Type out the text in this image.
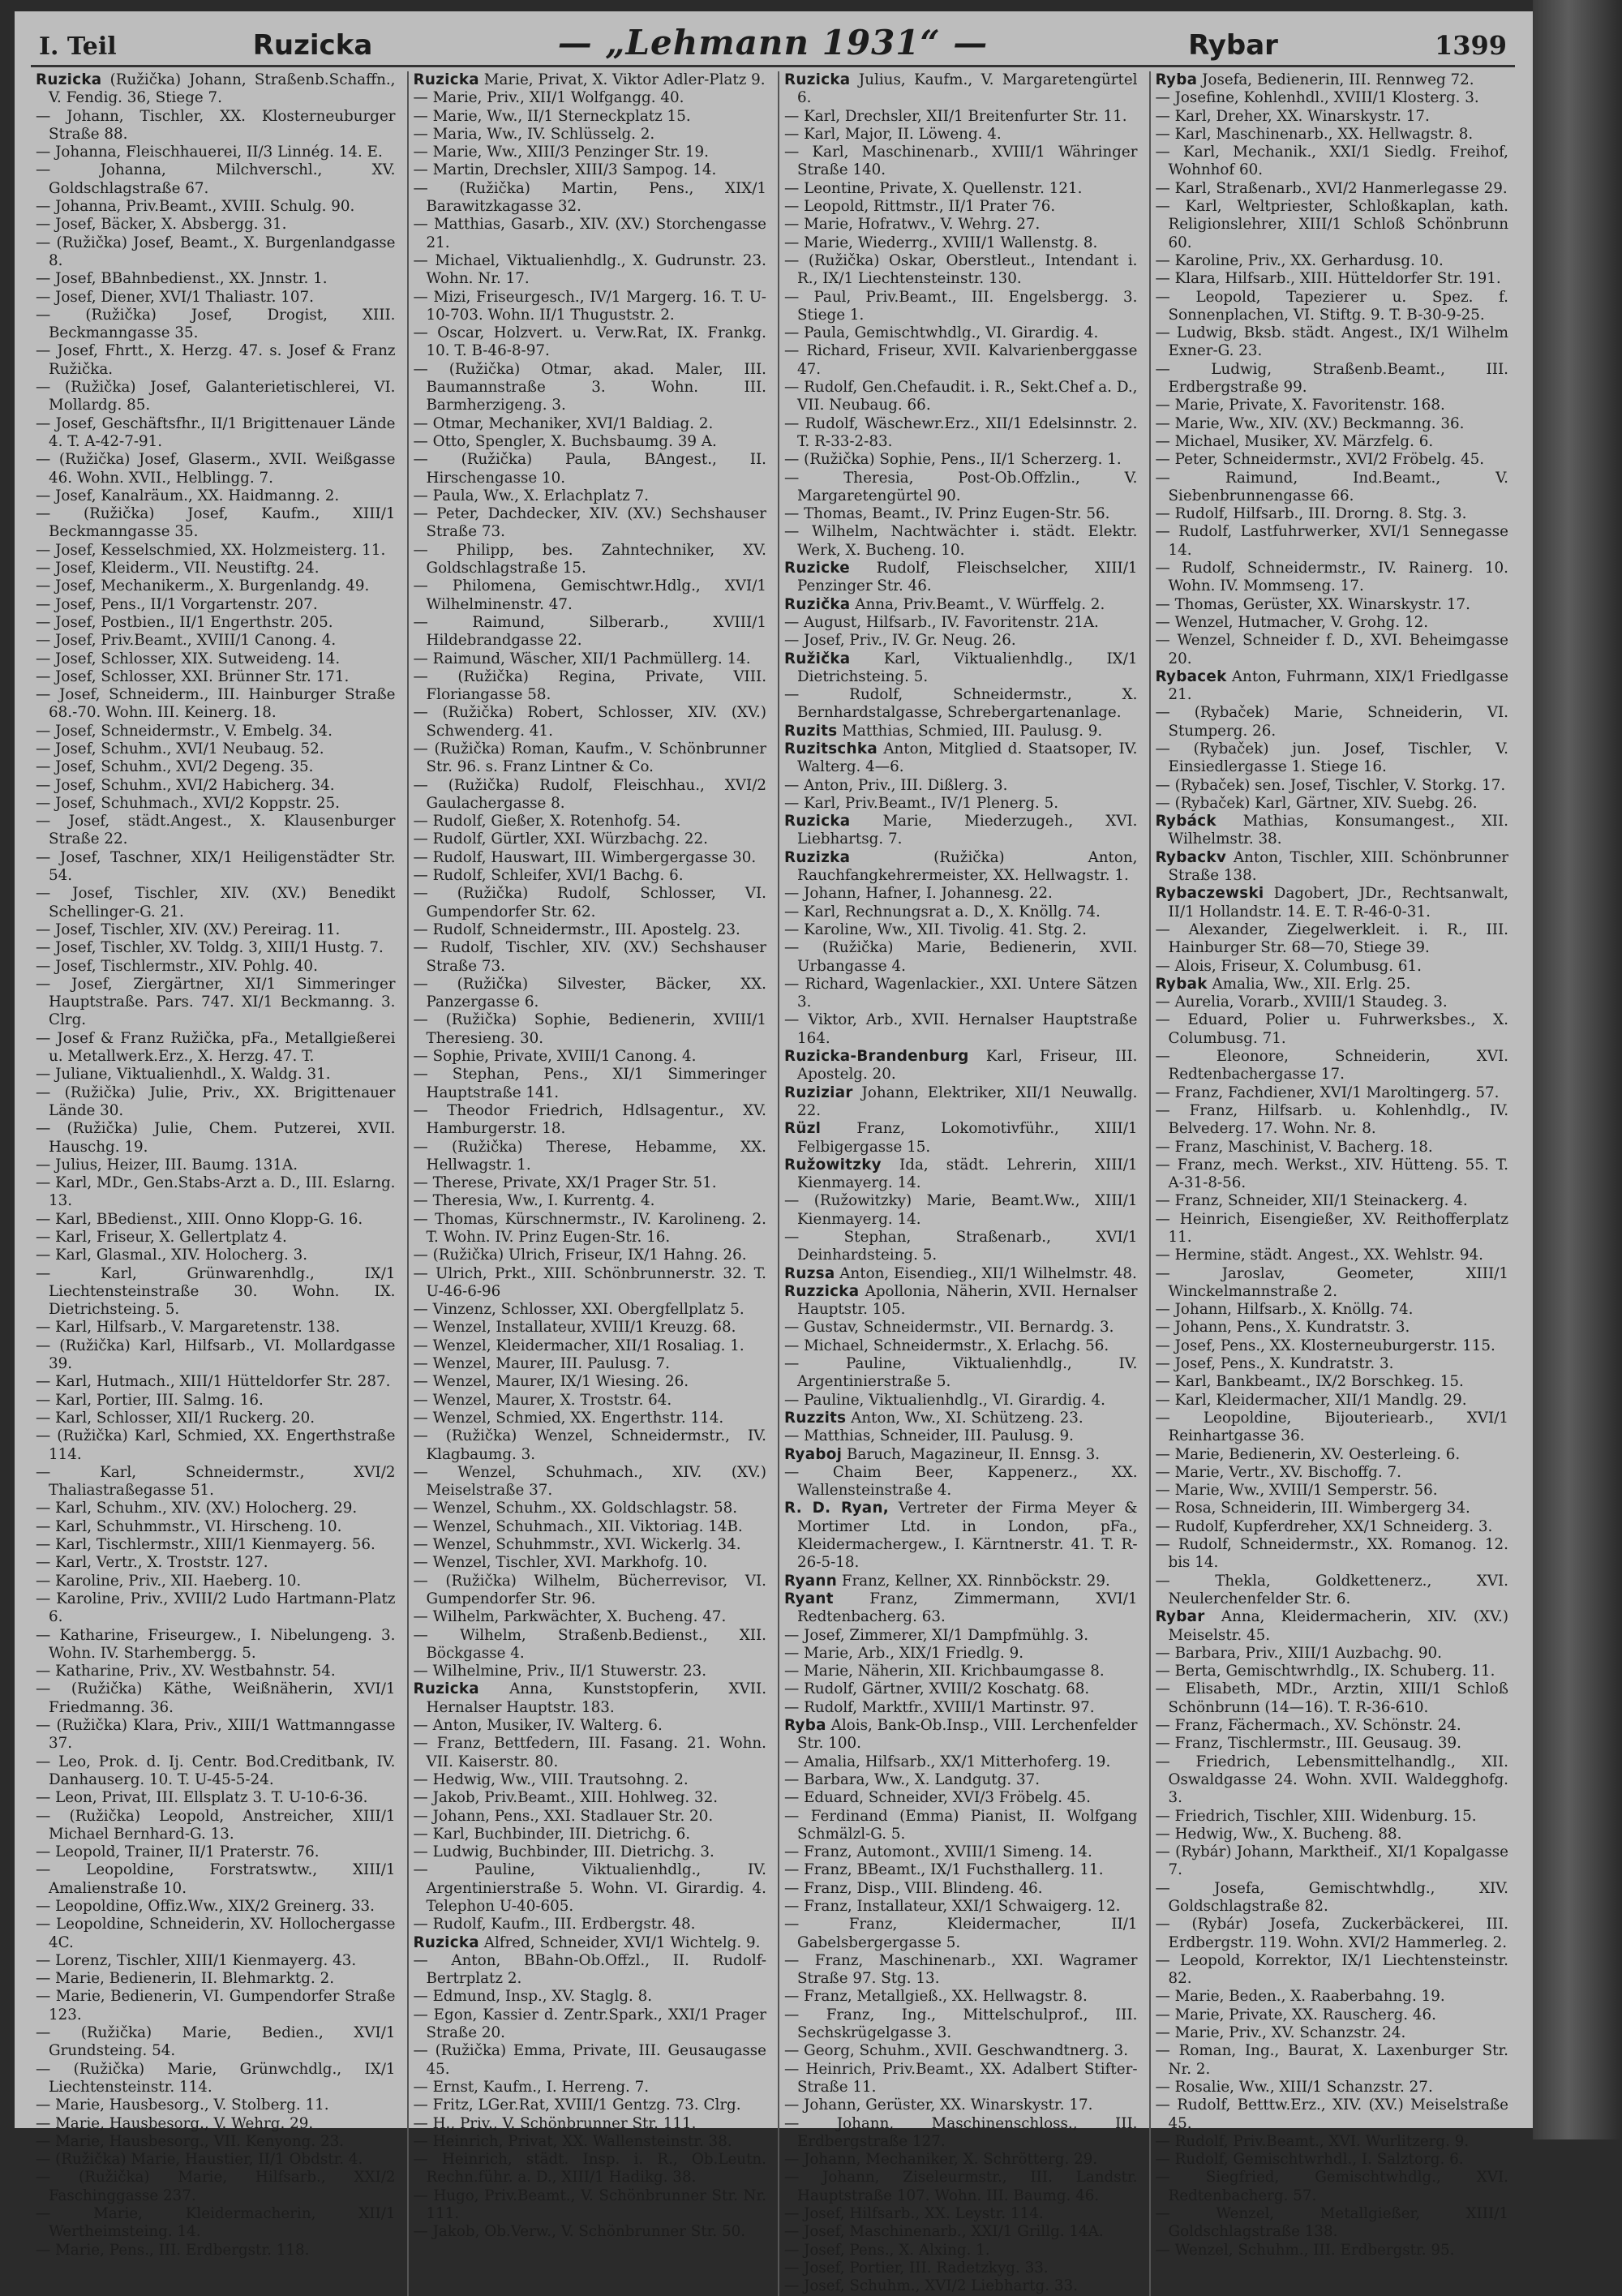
I. Teil	Ruzicka	— „Lehmann 1931“ —	Rybar	1399

Ruzicka (Ružička) Johann, Straßenb.Schaffn., V. Fendig. 36, Stiege 7.

— Johann, Tischler, XX. Klosterneuburger Straße 88.

— Johanna, Fleischhauerei, II/3 Linnég. 14. E.

— Johanna, Milchverschl., XV. Goldschlagstraße 67.

— Johanna, Priv.Beamt., XVIII. Schulg. 90.

— Josef, Bäcker, X. Absbergg. 31.

— (Ružička) Josef, Beamt., X. Burgenlandgasse 8.

— Josef, BBahnbedienst., XX. Jnnstr. 1.

— Josef, Diener, XVI/1 Thaliastr. 107.

— (Ružička) Josef, Drogist, XIII. Beckmanngasse 35.

— Josef, Fhrtt., X. Herzg. 47. s. Josef & Franz Ružička.

— (Ružička) Josef, Galanterietischlerei, VI. Mollardg. 85.

— Josef, Geschäftsfhr., II/1 Brigittenauer Lände 4. T. A-42-7-91.

— (Ružička) Josef, Glaserm., XVII. Weißgasse 46. Wohn. XVII., Helblingg. 7.

— Josef, Kanalräum., XX. Haidmanng. 2.

— (Ružička) Josef, Kaufm., XIII/1 Beckmanngasse 35.

— Josef, Kesselschmied, XX. Holzmeisterg. 11.

— Josef, Kleiderm., VII. Neustiftg. 24.

— Josef, Mechanikerm., X. Burgenlandg. 49.

— Josef, Pens., II/1 Vorgartenstr. 207.

— Josef, Postbien., II/1 Engerthstr. 205.

— Josef, Priv.Beamt., XVIII/1 Canong. 4.

— Josef, Schlosser, XIX. Sutweideng. 14.

— Josef, Schlosser, XXI. Brünner Str. 171.

— Josef, Schneiderm., III. Hainburger Straße 68.-70. Wohn. III. Keinerg. 18.

— Josef, Schneidermstr., V. Embelg. 34.

— Josef, Schuhm., XVI/1 Neubaug. 52.

— Josef, Schuhm., XVI/2 Degeng. 35.

— Josef, Schuhm., XVI/2 Habicherg. 34.

— Josef, Schuhmach., XVI/2 Koppstr. 25.

— Josef, städt.Angest., X. Klausenburger Straße 22.

— Josef, Taschner, XIX/1 Heiligenstädter Str. 54.

— Josef, Tischler, XIV. (XV.) Benedikt Schellinger-G. 21.

— Josef, Tischler, XIV. (XV.) Pereirag. 11.

— Josef, Tischler, XV. Toldg. 3, XIII/1 Hustg. 7.

— Josef, Tischlermstr., XIV. Pohlg. 40.

— Josef, Ziergärtner, XI/1 Simmeringer Hauptstraße. Pars. 747. XI/1 Beckmanng. 3. Clrg.

— Josef & Franz Ružička, pFa., Metallgießerei u. Metallwerk.Erz., X. Herzg. 47. T.

— Juliane, Viktualienhdl., X. Waldg. 31.

— (Ružička) Julie, Priv., XX. Brigittenauer Lände 30.

— (Ružička) Julie, Chem. Putzerei, XVII. Hauschg. 19.

— Julius, Heizer, III. Baumg. 131A.

— Karl, MDr., Gen.Stabs-Arzt a. D., III. Eslarng. 13.

— Karl, BBedienst., XIII. Onno Klopp-G. 16.

— Karl, Friseur, X. Gellertplatz 4.

— Karl, Glasmal., XIV. Holocherg. 3.

— Karl, Grünwarenhdlg., IX/1 Liechtensteinstraße 30. Wohn. IX. Dietrichsteing. 5.

— Karl, Hilfsarb., V. Margaretenstr. 138.

— (Ružička) Karl, Hilfsarb., VI. Mollardgasse 39.

— Karl, Hutmach., XIII/1 Hütteldorfer Str. 287.

— Karl, Portier, III. Salmg. 16.

— Karl, Schlosser, XII/1 Ruckerg. 20.

— (Ružička) Karl, Schmied, XX. Engerthstraße 114.

— Karl, Schneidermstr., XVI/2 Thaliastraßegasse 51.

— Karl, Schuhm., XIV. (XV.) Holocherg. 29.

— Karl, Schuhmmstr., VI. Hirscheng. 10.

— Karl, Tischlermstr., XIII/1 Kienmayerg. 56.

— Karl, Vertr., X. Troststr. 127.

— Karoline, Priv., XII. Haeberg. 10.

— Karoline, Priv., XVIII/2 Ludo Hartmann-Platz 6.

— Katharine, Friseurgew., I. Nibelungeng. 3. Wohn. IV. Starhembergg. 5.

— Katharine, Priv., XV. Westbahnstr. 54.

— (Ružička) Käthe, Weißnäherin, XVI/1 Friedmanng. 36.

— (Ružička) Klara, Priv., XIII/1 Wattmanngasse 37.

— Leo, Prok. d. Ij. Centr. Bod.Creditbank, IV. Danhauserg. 10. T. U-45-5-24.

— Leon, Privat, III. Ellsplatz 3. T. U-10-6-36.

— (Ružička) Leopold, Anstreicher, XIII/1 Michael Bernhard-G. 13.

— Leopold, Trainer, II/1 Praterstr. 76.

— Leopoldine, Forstratswtw., XIII/1 Amalienstraße 10.

— Leopoldine, Offiz.Ww., XIX/2 Greinerg. 33.

— Leopoldine, Schneiderin, XV. Hollochergasse 4C.

— Lorenz, Tischler, XIII/1 Kienmayerg. 43.

— Marie, Bedienerin, II. Blehmarktg. 2.

— Marie, Bedienerin, VI. Gumpendorfer Straße 123.

— (Ružička) Marie, Bedien., XVI/1 Grundsteing. 54.

— (Ružička) Marie, Grünwchdlg., IX/1 Liechtensteinstr. 114.

— Marie, Hausbesorg., V. Stolberg. 11.

— Marie, Hausbesorg., V. Wehrg. 29.

— Marie, Hausbesorg., VII. Kenyong. 23.

— (Ružička) Marie, Haustier, II/1 Obdstr. 4.

— (Ružička) Marie, Hilfsarb., XXI/2 Faschinggasse 237.

— Marie, Kleidermacherin, XII/1 Wertheimsteing. 14.

— Marie, Pens., III. Erdbergstr. 118.

Ruzicka Marie, Privat, X. Viktor Adler-Platz 9.

— Marie, Priv., XII/1 Wolfgangg. 40.

— Marie, Ww., II/1 Sterneckplatz 15.

— Maria, Ww., IV. Schlüsselg. 2.

— Marie, Ww., XIII/3 Penzinger Str. 19.

— Martin, Drechsler, XIII/3 Sampog. 14.

— (Ružička) Martin, Pens., XIX/1 Barawitzkagasse 32.

— Matthias, Gasarb., XIV. (XV.) Storchengasse 21.

— Michael, Viktualienhdlg., X. Gudrunstr. 23. Wohn. Nr. 17.

— Mizi, Friseurgesch., IV/1 Margerg. 16. T. U-10-703. Wohn. II/1 Thuguststr. 2.

— Oscar, Holzvert. u. Verw.Rat, IX. Frankg. 10. T. B-46-8-97.

— (Ružička) Otmar, akad. Maler, III. Baumannstraße 3. Wohn. III. Barmherzigeng. 3.

— Otmar, Mechaniker, XVI/1 Baldiag. 2.

— Otto, Spengler, X. Buchsbaumg. 39 A.

— (Ružička) Paula, BAngest., II. Hirschengasse 10.

— Paula, Ww., X. Erlachplatz 7.

— Peter, Dachdecker, XIV. (XV.) Sechshauser Straße 73.

— Philipp, bes. Zahntechniker, XV. Goldschlagstraße 15.

— Philomena, Gemischtwr.Hdlg., XVI/1 Wilhelminenstr. 47.

— Raimund, Silberarb., XVIII/1 Hildebrandgasse 22.

— Raimund, Wäscher, XII/1 Pachmüllerg. 14.

— (Ružička) Regina, Private, VIII. Floriangasse 58.

— (Ružička) Robert, Schlosser, XIV. (XV.) Schwenderg. 41.

— (Ružička) Roman, Kaufm., V. Schönbrunner Str. 96. s. Franz Lintner & Co.

— (Ružička) Rudolf, Fleischhau., XVI/2 Gaulachergasse 8.

— Rudolf, Gießer, X. Rotenhofg. 54.

— Rudolf, Gürtler, XXI. Würzbachg. 22.

— Rudolf, Hauswart, III. Wimbergergasse 30.

— Rudolf, Schleifer, XVI/1 Bachg. 6.

— (Ružička) Rudolf, Schlosser, VI. Gumpendorfer Str. 62.

— Rudolf, Schneidermstr., III. Apostelg. 23.

— Rudolf, Tischler, XIV. (XV.) Sechshauser Straße 73.

— (Ružička) Silvester, Bäcker, XX. Panzergasse 6.

— (Ružička) Sophie, Bedienerin, XVIII/1 Theresieng. 30.

— Sophie, Private, XVIII/1 Canong. 4.

— Stephan, Pens., XI/1 Simmeringer Hauptstraße 141.

— Theodor Friedrich, Hdlsagentur., XV. Hamburgerstr. 18.

— (Ružička) Therese, Hebamme, XX. Hellwagstr. 1.

— Therese, Private, XX/1 Prager Str. 51.

— Theresia, Ww., I. Kurrentg. 4.

— Thomas, Kürschnermstr., IV. Karolineng. 2. T. Wohn. IV. Prinz Eugen-Str. 16.

— (Ružička) Ulrich, Friseur, IX/1 Hahng. 26.

— Ulrich, Prkt., XIII. Schönbrunnerstr. 32. T. U-46-6-96

— Vinzenz, Schlosser, XXI. Obergfellplatz 5.

— Wenzel, Installateur, XVIII/1 Kreuzg. 68.

— Wenzel, Kleidermacher, XII/1 Rosaliag. 1.

— Wenzel, Maurer, III. Paulusg. 7.

— Wenzel, Maurer, IX/1 Wiesing. 26.

— Wenzel, Maurer, X. Troststr. 64.

— Wenzel, Schmied, XX. Engerthstr. 114.

— (Ružička) Wenzel, Schneidermstr., IV. Klagbaumg. 3.

— Wenzel, Schuhmach., XIV. (XV.) Meiselstraße 37.

— Wenzel, Schuhm., XX. Goldschlagstr. 58.

— Wenzel, Schuhmach., XII. Viktoriag. 14B.

— Wenzel, Schuhmmstr., XVI. Wickerlg. 34.

— Wenzel, Tischler, XVI. Markhofg. 10.

— (Ružička) Wilhelm, Bücherrevisor, VI. Gumpendorfer Str. 96.

— Wilhelm, Parkwächter, X. Bucheng. 47.

— Wilhelm, Straßenb.Bedienst., XII. Böckgasse 4.

— Wilhelmine, Priv., II/1 Stuwerstr. 23.

Ruzicka Anna, Kunststopferin, XVII. Hernalser Hauptstr. 183.

— Anton, Musiker, IV. Walterg. 6.

— Franz, Bettfedern, III. Fasang. 21. Wohn. VII. Kaiserstr. 80.

— Hedwig, Ww., VIII. Trautsohng. 2.

— Jakob, Priv.Beamt., XIII. Hohlweg. 32.

— Johann, Pens., XXI. Stadlauer Str. 20.

— Karl, Buchbinder, III. Dietrichg. 6.

— Ludwig, Buchbinder, III. Dietrichg. 3.

— Pauline, Viktualienhdlg., IV. Argentinierstraße 5. Wohn. VI. Girardig. 4. Telephon U-40-605.

— Rudolf, Kaufm., III. Erdbergstr. 48.

Ruzicka Alfred, Schneider, XVI/1 Wichtelg. 9.

— Anton, BBahn-Ob.Offzl., II. Rudolf-Bertrplatz 2.

— Edmund, Insp., XV. Staglg. 8.

— Egon, Kassier d. Zentr.Spark., XXI/1 Prager Straße 20.

— (Ružička) Emma, Private, III. Geusaugasse 45.

— Ernst, Kaufm., I. Herreng. 7.

— Fritz, LGer.Rat, XVIII/1 Gentzg. 73. Clrg.

— H., Priv., V. Schönbrunner Str. 111.

— Heinrich, Privat, XX. Wallensteinstr. 38.

— Heinrich, städt. Insp. i. R., Ob.Leutn. Rechn.führ. a. D., XIII/1 Hadikg. 38.

— Hugo, Priv.Beamt., V. Schönbrunner Str. Nr. 111.

— Jakob, Ob.Verw., V. Schönbrunner Str. 50.

Ruzicka Julius, Kaufm., V. Margaretengürtel 6.

— Karl, Drechsler, XII/1 Breitenfurter Str. 11.

— Karl, Major, II. Löweng. 4.

— Karl, Maschinenarb., XVIII/1 Währinger Straße 140.

— Leontine, Private, X. Quellenstr. 121.

— Leopold, Rittmstr., II/1 Prater 76.

— Marie, Hofratwv., V. Wehrg. 27.

— Marie, Wiederrg., XVIII/1 Wallenstg. 8.

— (Ružička) Oskar, Oberstleut., Intendant i. R., IX/1 Liechtensteinstr. 130.

— Paul, Priv.Beamt., III. Engelsbergg. 3. Stiege 1.

— Paula, Gemischtwhdlg., VI. Girardig. 4.

— Richard, Friseur, XVII. Kalvarienberggasse 47.

— Rudolf, Gen.Chefaudit. i. R., Sekt.Chef a. D., VII. Neubaug. 66.

— Rudolf, Wäschewr.Erz., XII/1 Edelsinnstr. 2. T. R-33-2-83.

— (Ružička) Sophie, Pens., II/1 Scherzerg. 1.

— Theresia, Post-Ob.Offzlin., V. Margaretengürtel 90.

— Thomas, Beamt., IV. Prinz Eugen-Str. 56.

— Wilhelm, Nachtwächter i. städt. Elektr. Werk, X. Bucheng. 10.

Ruzicke Rudolf, Fleischselcher, XIII/1 Penzinger Str. 46.

Ruzička Anna, Priv.Beamt., V. Würffelg. 2.

— August, Hilfsarb., IV. Favoritenstr. 21A.

— Josef, Priv., IV. Gr. Neug. 26.

Ružička Karl, Viktualienhdlg., IX/1 Dietrichsteing. 5.

— Rudolf, Schneidermstr., X. Bernhardstalgasse, Schrebergartenanlage.

Ruzits Matthias, Schmied, III. Paulusg. 9.

Ruzitschka Anton, Mitglied d. Staatsoper, IV. Walterg. 4—6.

— Anton, Priv., III. Dißlerg. 3.

— Karl, Priv.Beamt., IV/1 Plenerg. 5.

Ruzicka Marie, Miederzugeh., XVI. Liebhartsg. 7.

Ruzizka	(Ružička) Anton, Rauchfangkehrermeister, XX. Hellwagstr. 1.

— Johann, Hafner, I. Johannesg. 22.

— Karl, Rechnungsrat a. D., X. Knöllg. 74.

— Karoline, Ww., XII. Tivolig. 41. Stg. 2.

— (Ružička) Marie, Bedienerin, XVII. Urbangasse 4.

— Richard, Wagenlackier., XXI. Untere Sätzen 3.

— Viktor, Arb., XVII. Hernalser Hauptstraße 164.

Ruzicka-Brandenburg Karl, Friseur, III. Apostelg. 20.

Ruziziar Johann, Elektriker, XII/1 Neuwallg. 22.

Rüzl Franz, Lokomotivführ., XIII/1 Felbigergasse 15.

Ružowitzky Ida, städt. Lehrerin, XIII/1 Kienmayerg. 14.

— (Ružowitzky) Marie, Beamt.Ww., XIII/1 Kienmayerg. 14.

— Stephan, Straßenarb., XVI/1 Deinhardsteing. 5.

Ruzsa Anton, Eisendieg., XII/1 Wilhelmstr. 48.

Ruzzicka Apollonia, Näherin, XVII. Hernalser Hauptstr. 105.

— Gustav, Schneidermstr., VII. Bernardg. 3.

— Michael, Schneidermstr., X. Erlachg. 56.

— Pauline, Viktualienhdlg., IV. Argentinierstraße 5.

— Pauline, Viktualienhdlg., VI. Girardig. 4.

Ruzzits Anton, Ww., XI. Schützeng. 23.

— Matthias, Schneider, III. Paulusg. 9.

Ryaboj Baruch, Magazineur, II. Ennsg. 3.

— Chaim Beer, Kappenerz., XX. Wallensteinstraße 4.

R. D. Ryan, Vertreter der Firma Meyer & Mortimer Ltd. in London, pFa., Kleidermachergew., I. Kärntnerstr. 41. T. R-26-5-18.

Ryann Franz, Kellner, XX. Rinnböckstr. 29.

Ryant Franz, Zimmermann, XVI/1 Redtenbacherg. 63.

— Josef, Zimmerer, XI/1 Dampfmühlg. 3.

— Marie, Arb., XIX/1 Friedlg. 9.

— Marie, Näherin, XII. Krichbaumgasse 8.

— Rudolf, Gärtner, XVIII/2 Koschatg. 68.

— Rudolf, Marktfr., XVIII/1 Martinstr. 97.

Ryba Alois, Bank-Ob.Insp., VIII. Lerchenfelder Str. 100.

— Amalia, Hilfsarb., XX/1 Mitterhoferg. 19.

— Barbara, Ww., X. Landgutg. 37.

— Eduard, Schneider, XVI/3 Fröbelg. 45.

— Ferdinand (Emma) Pianist, II. Wolfgang Schmälzl-G. 5.

— Franz, Automont., XVIII/1 Simeng. 14.

— Franz, BBeamt., IX/1 Fuchsthallerg. 11.

— Franz, Disp., VIII. Blindeng. 46.

— Franz, Installateur, XXI/1 Schwaigerg. 12.

— Franz, Kleidermacher, II/1 Gabelsbergergasse 5.

— Franz, Maschinenarb., XXI. Wagramer Straße 97. Stg. 13.

— Franz, Metallgieß., XX. Hellwagstr. 8.

— Franz, Ing., Mittelschulprof., III. Sechskrügelgasse 3.

— Georg, Schuhm., XVII. Geschwandtnerg. 3.

— Heinrich, Priv.Beamt., XX. Adalbert Stifter-Straße 11.

— Johann, Gerüster, XX. Winarskystr. 17.

— Johann, Maschinenschloss., III. Erdbergstraße 127.

— Johann, Mechaniker, X. Schrötterg. 29.

— Johann, Ziseleurmstr., III. Landstr. Hauptstraße 107. Wohn. III. Baumg. 46.

— Josef, Hilfsarb., XX. Leystr. 114.

— Josef, Maschinenarb., XXI/1 Grillg. 14A.

— Josef, Pens., X. Alxing. 1.

— Josef, Portier, III. Radetzkyg. 33.

— Josef, Schuhm., XVI/2 Liebhartg. 33.

Ryba Josefa, Bedienerin, III. Rennweg 72.

— Josefine, Kohlenhdl., XVIII/1 Klosterg. 3.

— Karl, Dreher, XX. Winarskystr. 17.

— Karl, Maschinenarb., XX. Hellwagstr. 8.

— Karl, Mechanik., XXI/1 Siedlg. Freihof, Wohnhof 60.

— Karl, Straßenarb., XVI/2 Hanmerlegasse 29.

— Karl, Weltpriester, Schloßkaplan, kath. Religionslehrer, XIII/1 Schloß Schönbrunn 60.

— Karoline, Priv., XX. Gerhardusg. 10.

— Klara, Hilfsarb., XIII. Hütteldorfer Str. 191.

— Leopold, Tapezierer u. Spez. f. Sonnenplachen, VI. Stiftg. 9. T. B-30-9-25.

— Ludwig, Bksb. städt. Angest., IX/1 Wilhelm Exner-G. 23.

— Ludwig, Straßenb.Beamt., III. Erdbergstraße 99.

— Marie, Private, X. Favoritenstr. 168.

— Marie, Ww., XIV. (XV.) Beckmanng. 36.

— Michael, Musiker, XV. Märzfelg. 6.

— Peter, Schneidermstr., XVI/2 Fröbelg. 45.

— Raimund, Ind.Beamt., V. Siebenbrunnengasse 66.

— Rudolf, Hilfsarb., III. Drorng. 8. Stg. 3.

— Rudolf, Lastfuhrwerker, XVI/1 Sennegasse 14.

— Rudolf, Schneidermstr., IV. Rainerg. 10. Wohn. IV. Mommseng. 17.

— Thomas, Gerüster, XX. Winarskystr. 17.

— Wenzel, Hutmacher, V. Grohg. 12.

— Wenzel, Schneider f. D., XVI. Beheimgasse 20.

Rybacek Anton, Fuhrmann, XIX/1 Friedlgasse 21.

— (Rybaček) Marie, Schneiderin, VI. Stumperg. 26.

— (Rybaček) jun. Josef, Tischler, V. Einsiedlergasse 1. Stiege 16.

— (Rybaček) sen. Josef, Tischler, V. Storkg. 17.

— (Rybaček) Karl, Gärtner, XIV. Suebg. 26.

Rybáck Mathias, Konsumangest., XII. Wilhelmstr. 38.

Rybackv Anton, Tischler, XIII. Schönbrunner Straße 138.

Rybaczewski Dagobert, JDr., Rechtsanwalt, II/1 Hollandstr. 14. E. T. R-46-0-31.

— Alexander, Ziegelwerkleit. i. R., III. Hainburger Str. 68—70, Stiege 39.

— Alois, Friseur, X. Columbusg. 61.

Rybak Amalia, Ww., XII. Erlg. 25.

— Aurelia, Vorarb., XVIII/1 Staudeg. 3.

— Eduard, Polier u. Fuhrwerksbes., X. Columbusg. 71.

— Eleonore, Schneiderin, XVI. Redtenbachergasse 17.

— Franz, Fachdiener, XVI/1 Maroltingerg. 57.

— Franz, Hilfsarb. u. Kohlenhdlg., IV. Belvederg. 17. Wohn. Nr. 8.

— Franz, Maschinist, V. Bacherg. 18.

— Franz, mech. Werkst., XIV. Hütteng. 55. T. A-31-8-56.

— Franz, Schneider, XII/1 Steinackerg. 4.

— Heinrich, Eisengießer, XV. Reithofferplatz 11.

— Hermine, städt. Angest., XX. Wehlstr. 94.

— Jaroslav, Geometer, XIII/1 Winckelmannstraße 2.

— Johann, Hilfsarb., X. Knöllg. 74.

— Johann, Pens., X. Kundratstr. 3.

— Josef, Pens., XX. Klosterneuburgerstr. 115.

— Josef, Pens., X. Kundratstr. 3.

— Karl, Bankbeamt., IX/2 Borschkeg. 15.

— Karl, Kleidermacher, XII/1 Mandlg. 29.

— Leopoldine, Bijouteriearb., XVI/1 Reinhartgasse 36.

— Marie, Bedienerin, XV. Oesterleing. 6.

— Marie, Vertr., XV. Bischoffg. 7.

— Marie, Ww., XVIII/1 Semperstr. 56.

— Rosa, Schneiderin, III. Wimbergerg 34.

— Rudolf, Kupferdreher, XX/1 Schneiderg. 3.

— Rudolf, Schneidermstr., XX. Romanog. 12. bis 14.

— Thekla, Goldkettenerz., XVI. Neulerchenfelder Str. 6.

Rybar Anna, Kleidermacherin, XIV. (XV.) Meiselstr. 45.

— Barbara, Priv., XIII/1 Auzbachg. 90.

— Berta, Gemischtwrhdlg., IX. Schuberg. 11.

— Elisabeth, MDr., Arztin, XIII/1 Schloß Schönbrunn (14—16). T. R-36-610.

— Franz, Fächermach., XV. Schönstr. 24.

— Franz, Tischlermstr., III. Geusaug. 39.

— Friedrich, Lebensmittelhandlg., XII. Oswaldgasse 24. Wohn. XVII. Waldegghofg. 3.

— Friedrich, Tischler, XIII. Widenburg. 15.

— Hedwig, Ww., X. Bucheng. 88.

— (Rybár) Johann, Marktheif., XI/1 Kopalgasse 7.

— Josefa, Gemischtwhdlg., XIV. Goldschlagstraße 82.

— (Rybár) Josefa, Zuckerbäckerei, III. Erdbergstr. 119. Wohn. XVI/2 Hammerleg. 2.

— Leopold, Korrektor, IX/1 Liechtensteinstr. 82.

— Marie, Beden., X. Raaberbahng. 19.

— Marie, Private, XX. Rauscherg. 46.

— Marie, Priv., XV. Schanzstr. 24.

— Roman, Ing., Baurat, X. Laxenburger Str. Nr. 2.

— Rosalie, Ww., XIII/1 Schanzstr. 27.

— Rudolf, Betttw.Erz., XIV. (XV.) Meiselstraße 45.

— Rudolf, Priv.Beamt., XVI. Wurlitzerg. 9.

— Rudolf, Gemischtwrhdl., I. Salztorg. 6.

— Siegfried, Gemischtwhdlg., XVI. Redtenbacherg. 57.

— Wenzel, Metallgießer, XIII/1 Goldschlagstraße 138.

— Wenzel, Schuhm., III. Erdbergstr. 95.
